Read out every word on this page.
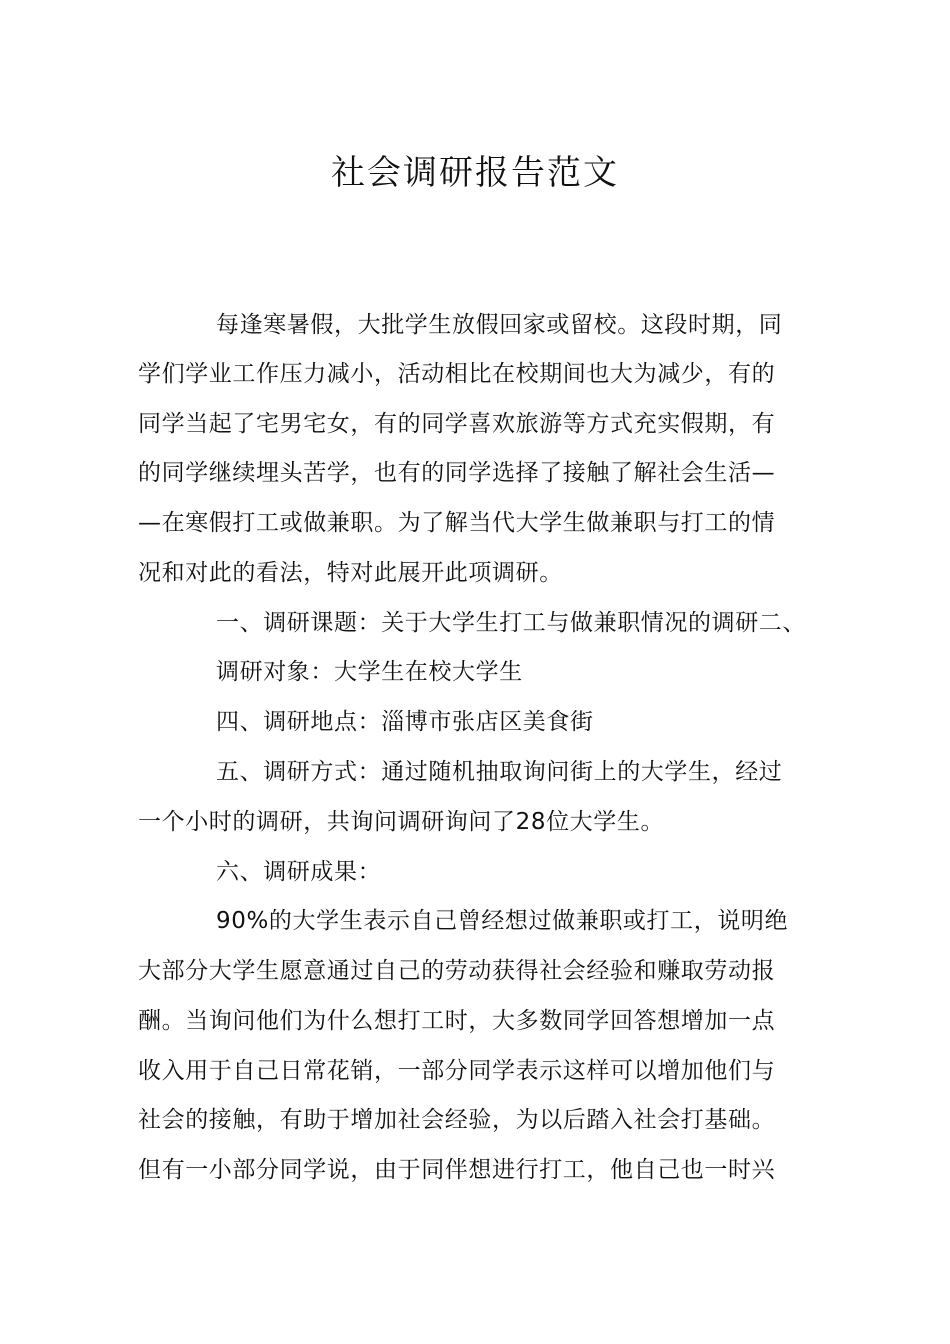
社会调研报告范文
每逢寒暑假，大批学生放假回家或留校。这段时期，同
学们学业工作压力减小，活动相比在校期间也大为减少，有的
同学当起了宅男宅女，有的同学喜欢旅游等方式充实假期，有
的同学继续埋头苦学，也有的同学选择了接触了解社会生活—
—在寒假打工或做兼职。为了解当代大学生做兼职与打工的情
况和对此的看法，特对此展开此项调研。
一、调研课题：关于大学生打工与做兼职情况的调研二、
调研对象：大学生在校大学生
四、调研地点：淄博市张店区美食街
五、调研方式：通过随机抽取询问街上的大学生，经过
一个小时的调研，共询问调研询问了28位大学生。
六、调研成果：
90%的大学生表示自己曾经想过做兼职或打工，说明绝
大部分大学生愿意通过自己的劳动获得社会经验和赚取劳动报
酬。当询问他们为什么想打工时，大多数同学回答想增加一点
收入用于自己日常花销，一部分同学表示这样可以增加他们与
社会的接触，有助于增加社会经验，为以后踏入社会打基础。
但有一小部分同学说，由于同伴想进行打工，他自己也一时兴
